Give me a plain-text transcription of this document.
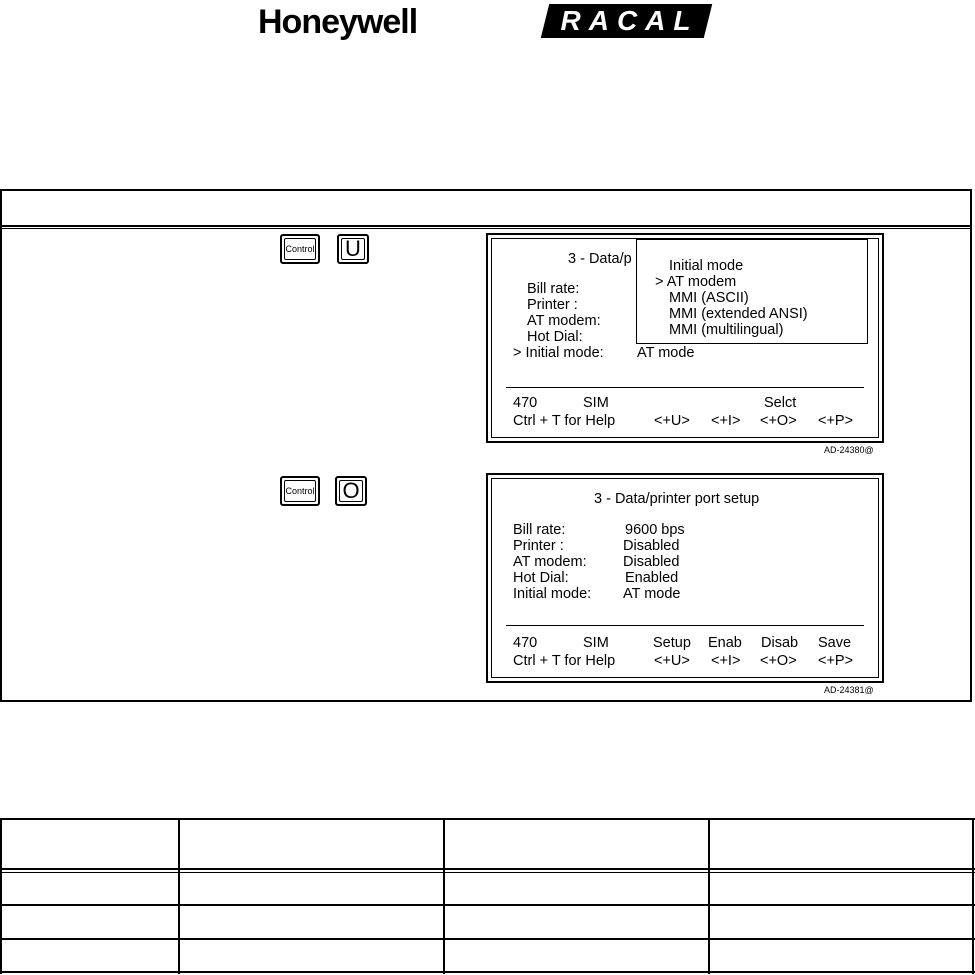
Honeywell	RACAL
Control	U	3 - Data/p
Bill rate:
Printer :
AT modem:
Hot Dial:
> Initial mode: AT mode
Initial mode
> AT modem
MMI (ASCII)
MMI (extended ANSI)
MMI (multilingual)
470	SIM	Selct
Ctrl + T for Help	<+U> <+I> <+O> <+P>
AD-24380@
Control	O	3 - Data/printer port setup
Bill rate:	9600 bps
Printer :	Disabled
AT modem:	Disabled
Hot Dial:	Enabled
Initial mode: AT mode
470	SIM	Setup Enab Disab Save
Ctrl + T for Help	<+U> <+I> <+O> <+P>
AD-24381@
